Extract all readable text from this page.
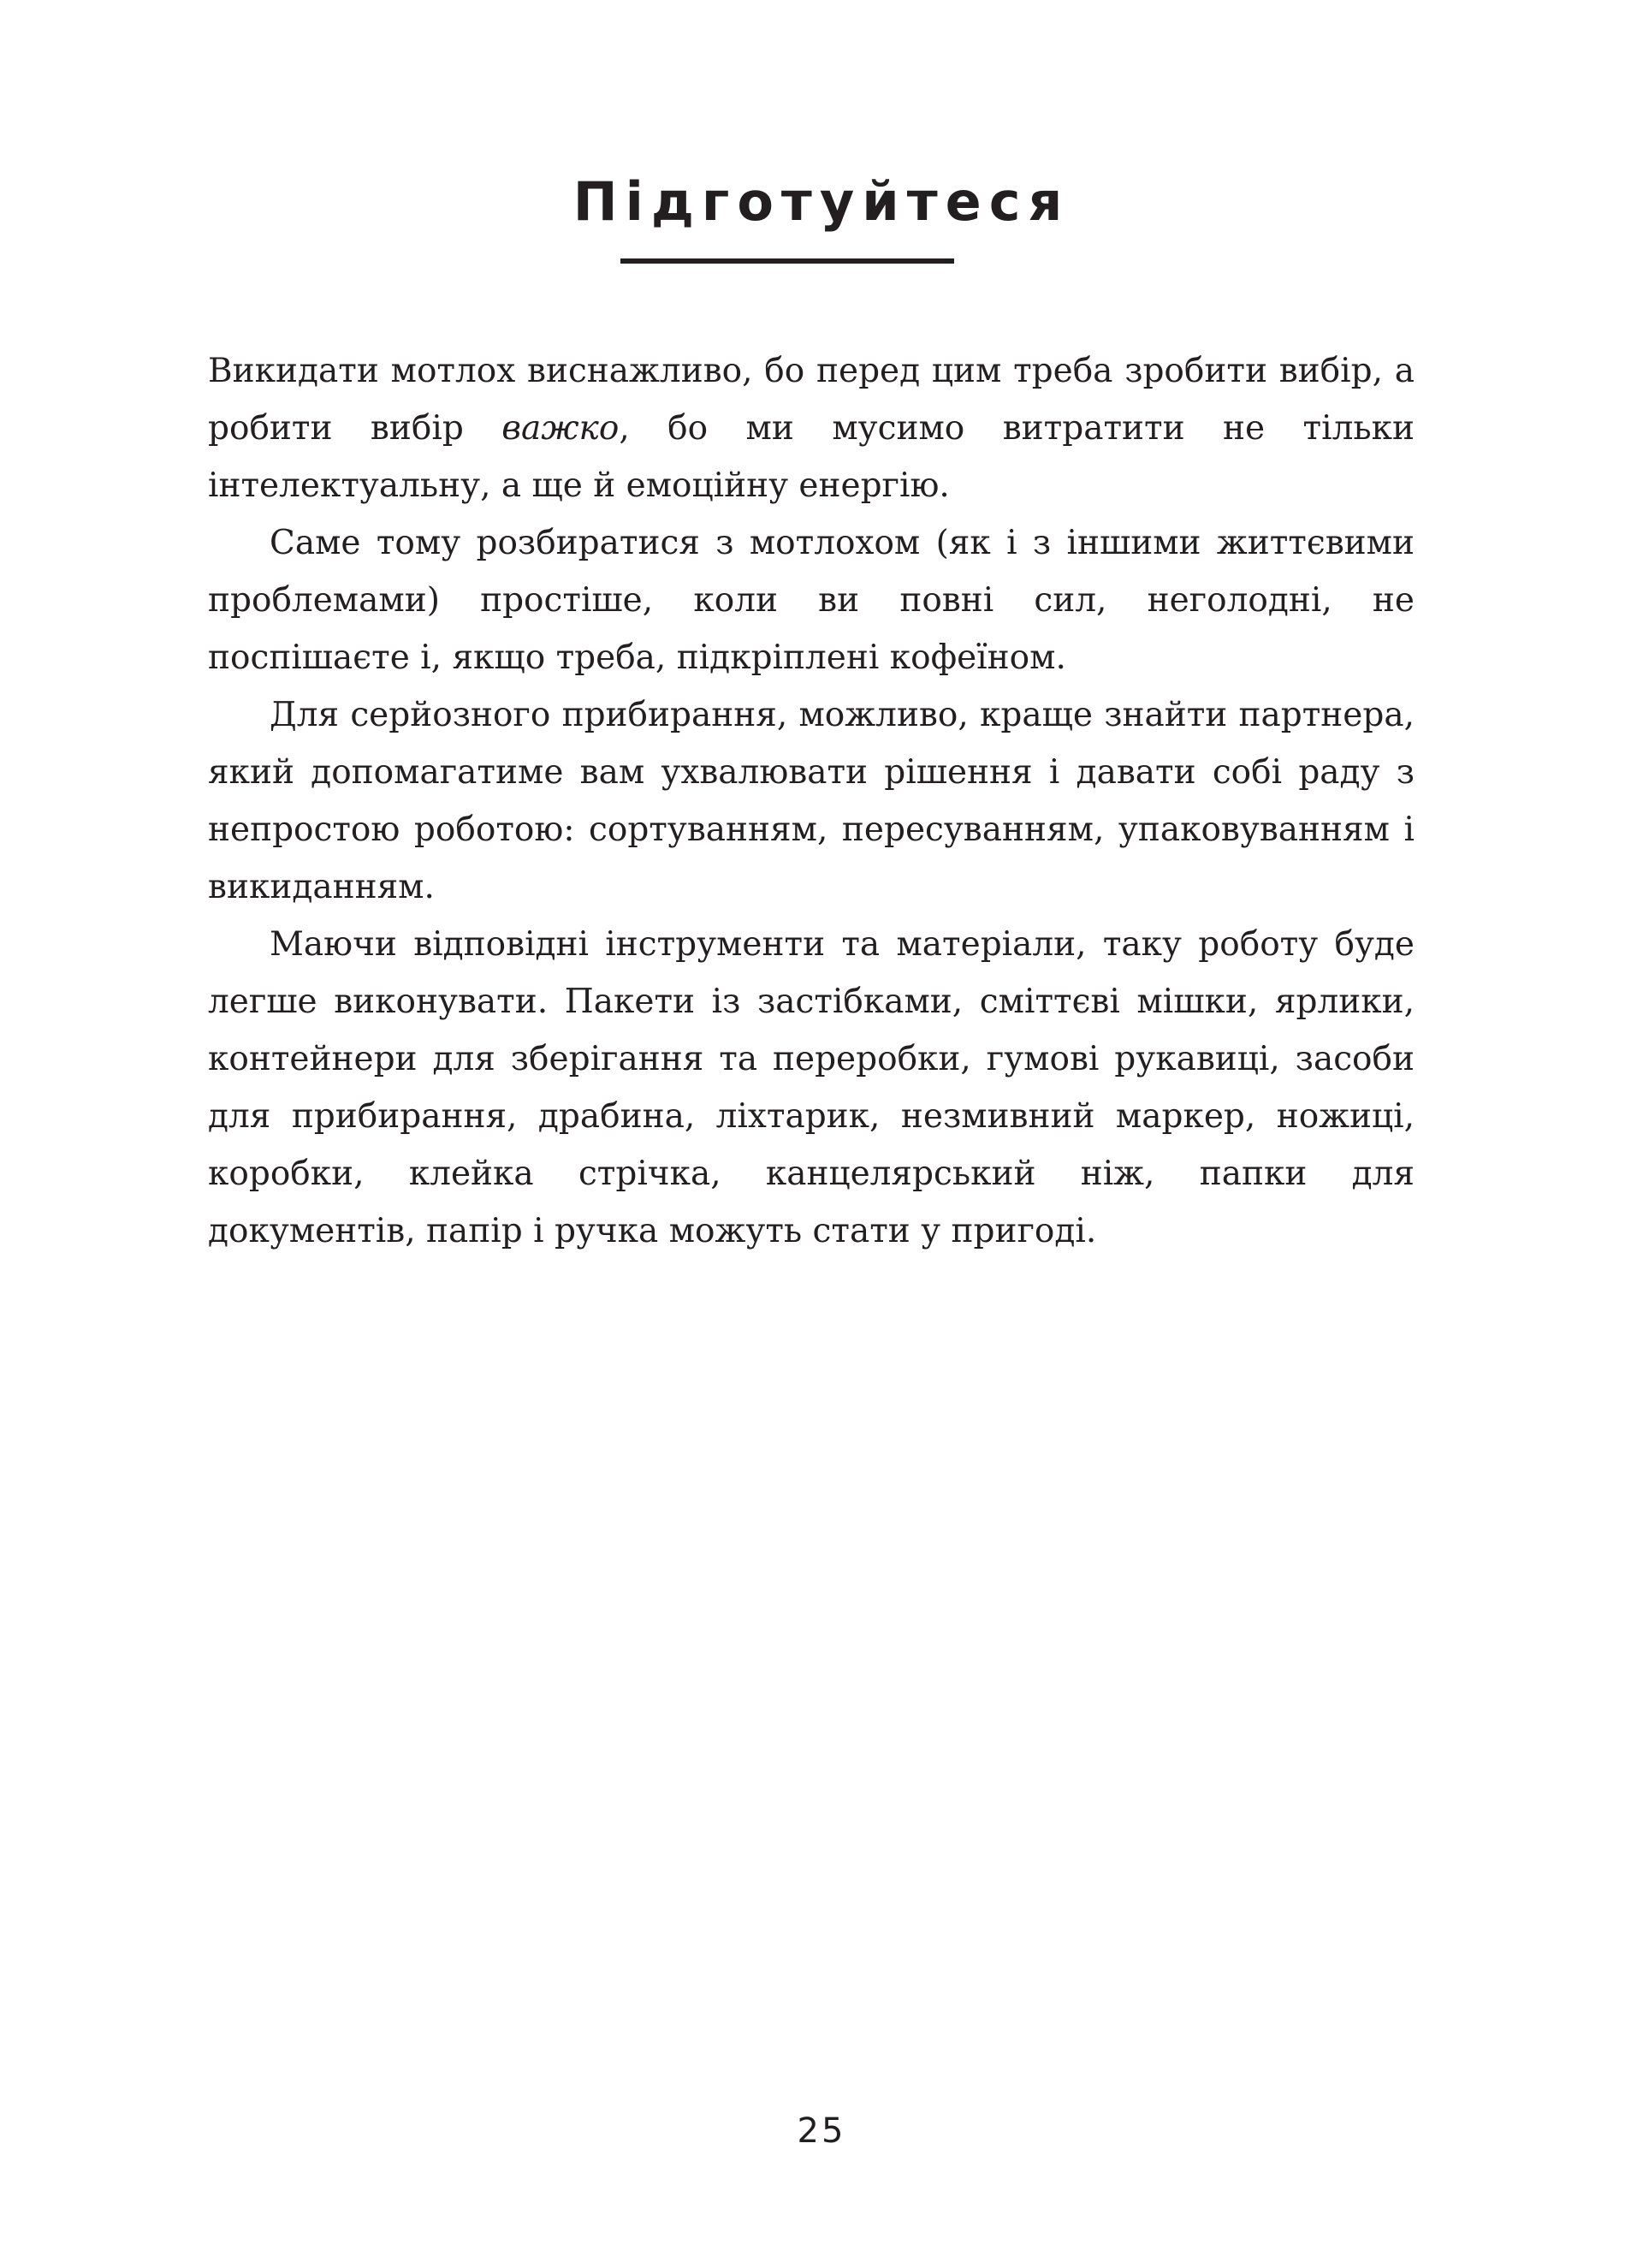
Підготуйтеся

Викидати мотлох виснажливо, бо перед цим треба зробити вибір, а робити вибір важко, бо ми мусимо витратити не тільки інтелектуальну, а ще й емоційну енергію.

Саме тому розбиратися з мотлохом (як і з іншими життєвими проблемами) простіше, коли ви повні сил, неголодні, не поспішаєте і, якщо треба, підкріплені кофеїном.

Для серйозного прибирання, можливо, краще знайти партнера, який допомагатиме вам ухвалювати рішення і давати собі раду з непростою роботою: сортуванням, пересуванням, упаковуванням і викиданням.

Маючи відповідні інструменти та матеріали, таку роботу буде легше виконувати. Пакети із застібками, сміттєві мішки, ярлики, контейнери для зберігання та переробки, гумові рукавиці, засоби для прибирання, драбина, ліхтарик, незмивний маркер, ножиці, коробки, клейка стрічка, канцелярський ніж, папки для документів, папір і ручка можуть стати у пригоді.

25
